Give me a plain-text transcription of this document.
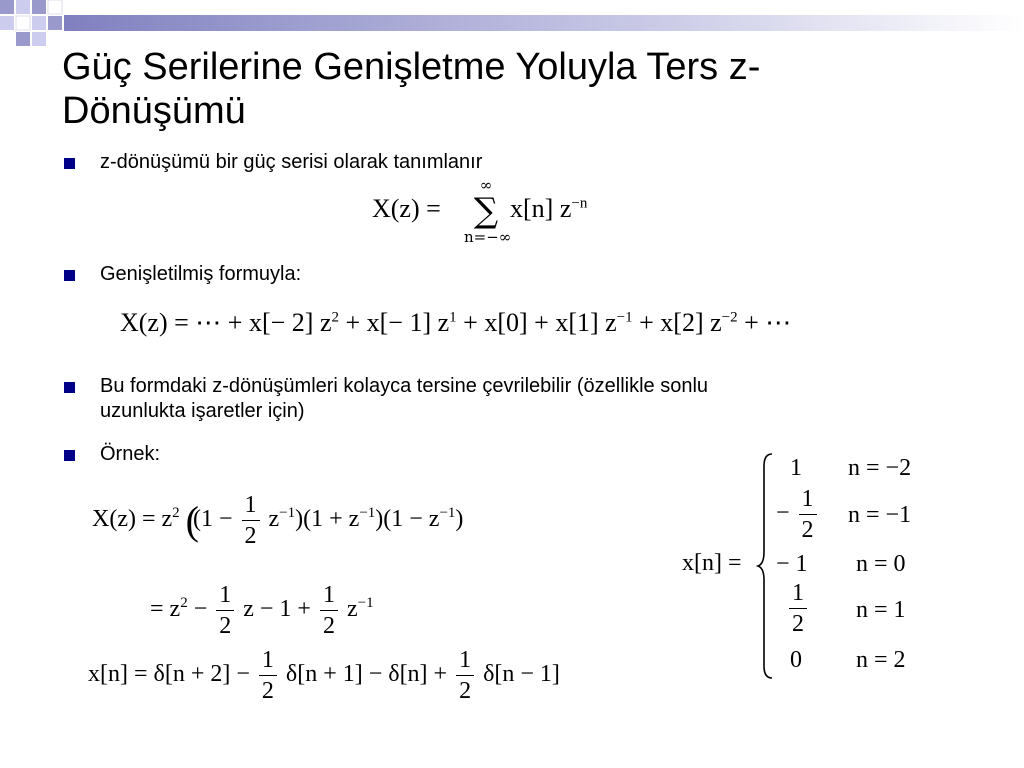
Güç Serilerine Genişletme Yoluyla Ters z-
Dönüşümü
z-dönüşümü bir güç serisi olarak tanımlanır
X(z) =
∞
∑
n=−∞
x[n] $z^{-n}$
Genişletilmiş formuyla:
X(z) = ⋯ + x[− 2] $z^2 + x[- 1] z^1 + x[0] + x[1] z^{-1} + x[2] z^{-2}$ + ⋯
Bu formdaki z-dönüşümleri kolayca tersine çevrilebilir (özellikle sonlu
uzunlukta işaretler için)
Örnek:
$X(z) = z^2$ ($(1 - \frac{1}{2} z^{-1})(1 + z^{-1})(1 - z^{-1})$
= $z^2 - \frac{1}{2}$ $z - 1 + \frac{1}{2} z^{-1}$
$x[n] = \delta[n + 2] - \frac{1}{2} \delta[n + 1] - \delta[n] + \frac{1}{2} \delta[n - 1]$
x[n] =
1 n = −2
− $\frac{1}{2}$ n = −1
− 1 n = 0
$\frac{1}{2}$ n = 1
0 n = 2
